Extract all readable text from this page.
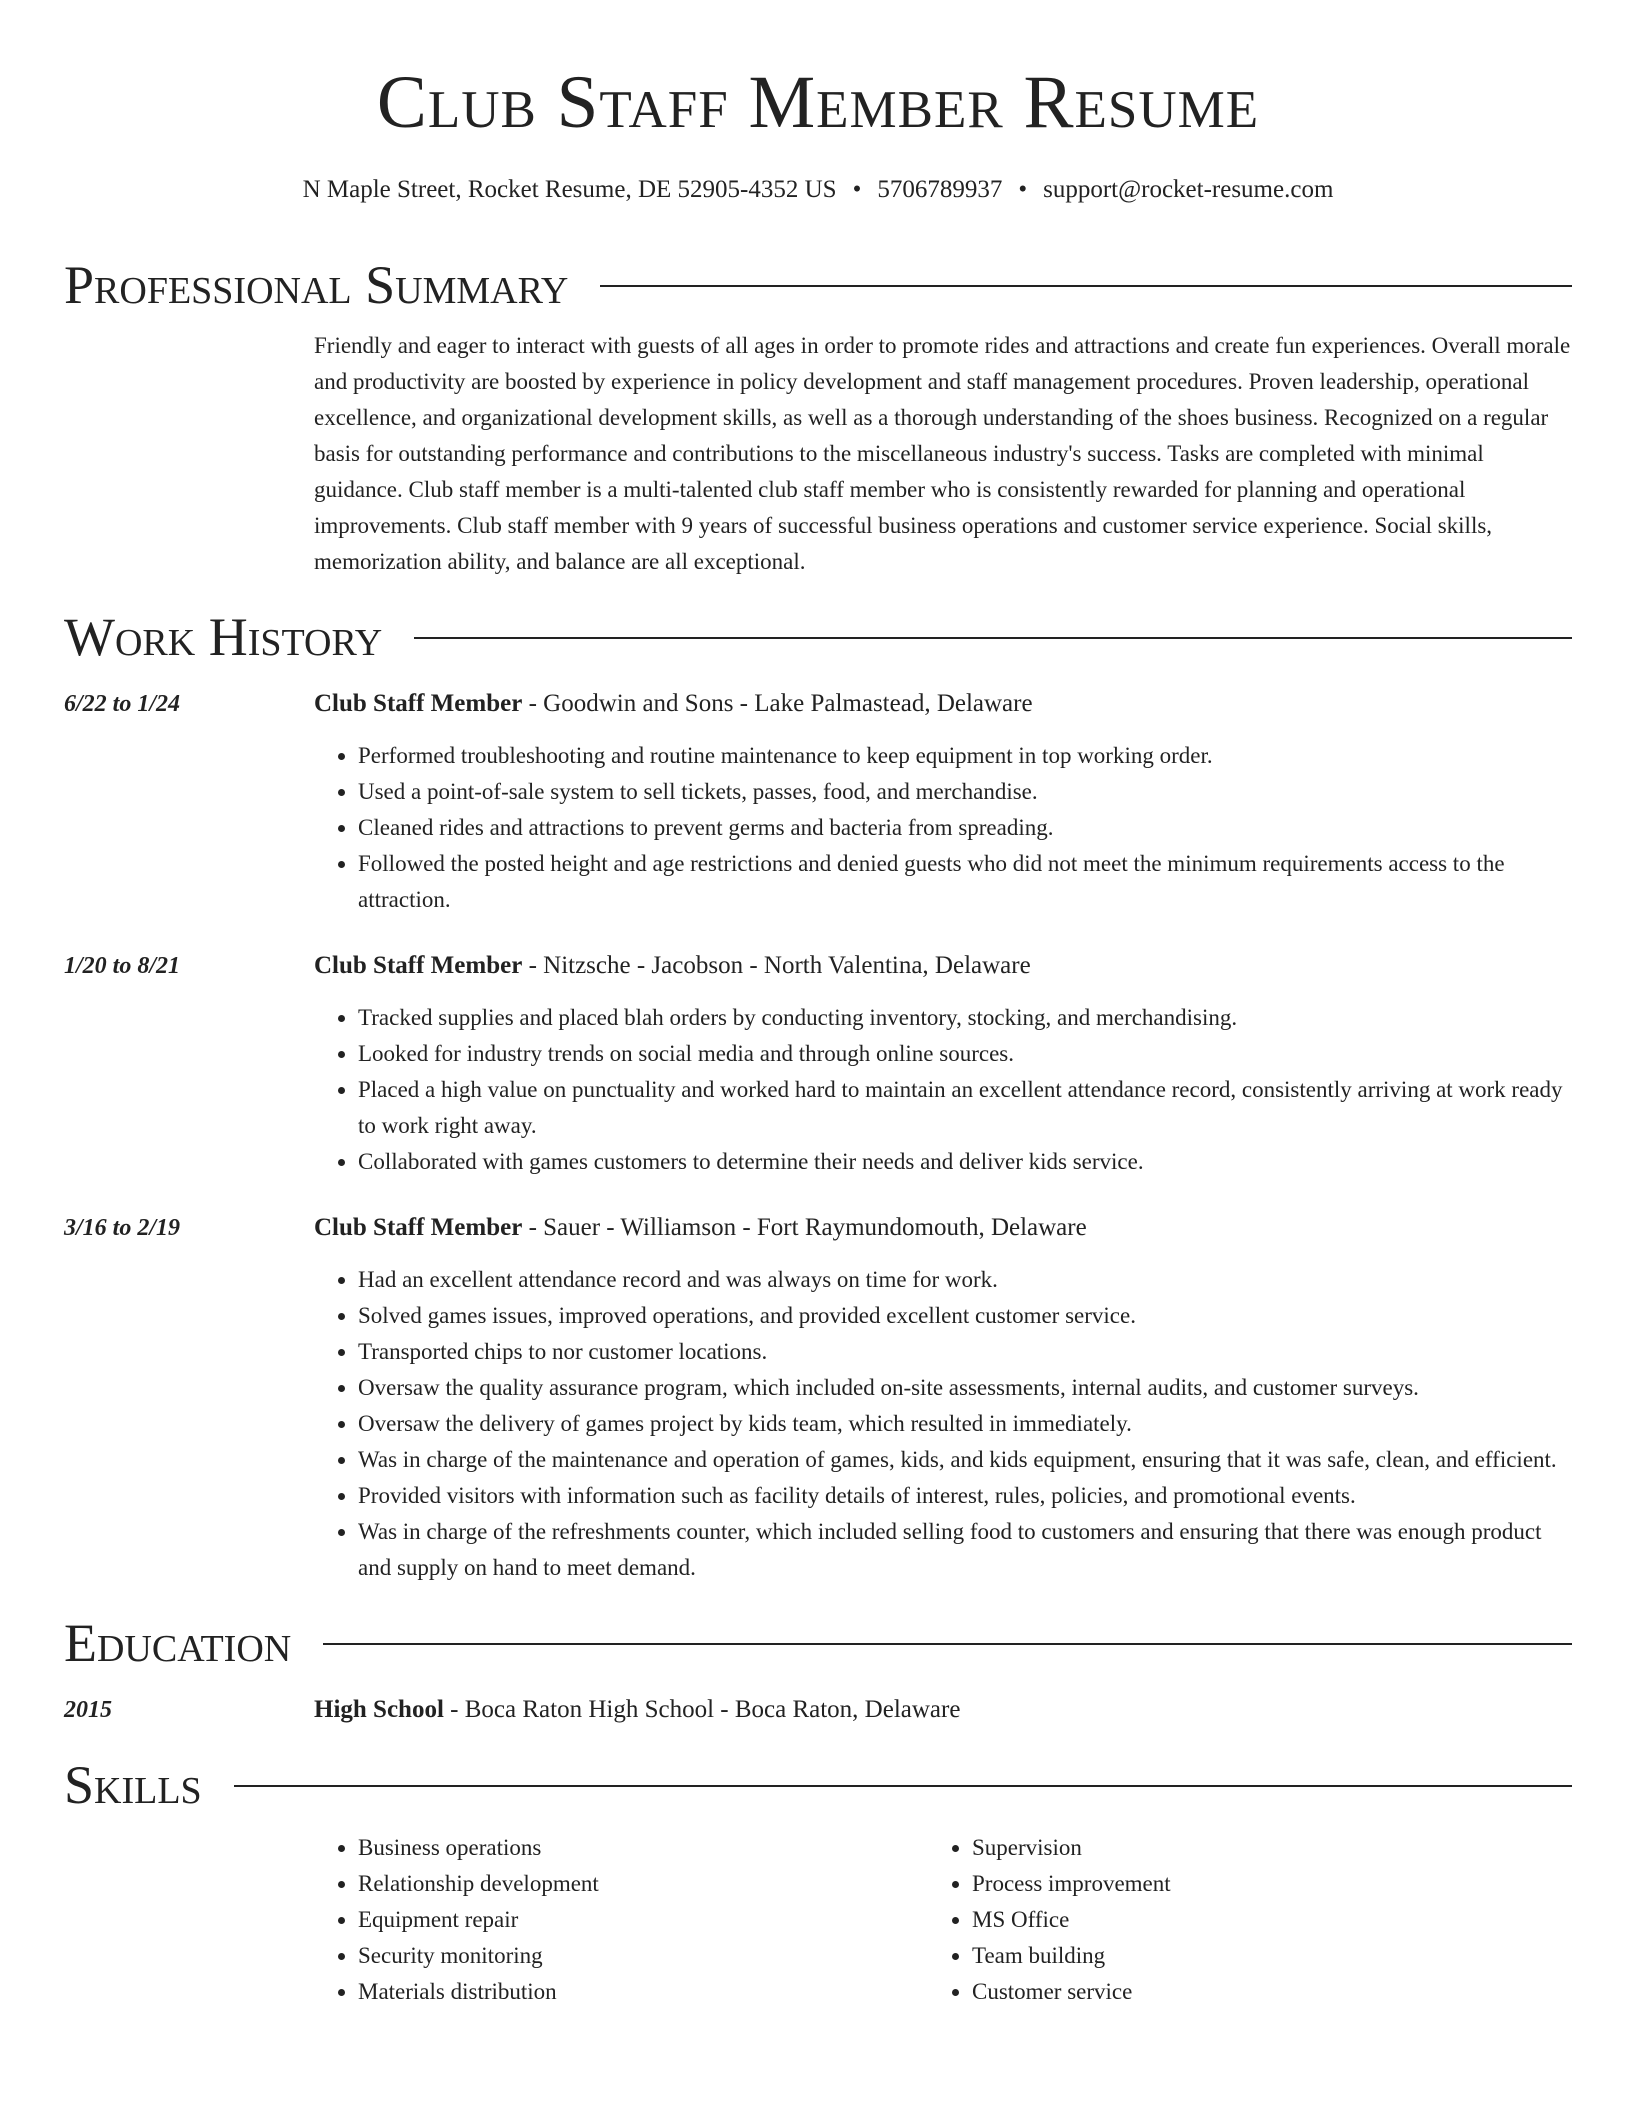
Club Staff Member Resume
N Maple Street, Rocket Resume, DE 52905-4352 US • 5706789937 • support@rocket-resume.com
Professional Summary
Friendly and eager to interact with guests of all ages in order to promote rides and attractions and create fun experiences. Overall morale and productivity are boosted by experience in policy development and staff management procedures. Proven leadership, operational excellence, and organizational development skills, as well as a thorough understanding of the shoes business. Recognized on a regular basis for outstanding performance and contributions to the miscellaneous industry's success. Tasks are completed with minimal guidance. Club staff member is a multi-talented club staff member who is consistently rewarded for planning and operational improvements. Club staff member with 9 years of successful business operations and customer service experience. Social skills, memorization ability, and balance are all exceptional.
Work History
6/22 to 1/24	Club Staff Member - Goodwin and Sons - Lake Palmastead, Delaware
• Performed troubleshooting and routine maintenance to keep equipment in top working order.
• Used a point-of-sale system to sell tickets, passes, food, and merchandise.
• Cleaned rides and attractions to prevent germs and bacteria from spreading.
• Followed the posted height and age restrictions and denied guests who did not meet the minimum requirements access to the attraction.
1/20 to 8/21	Club Staff Member - Nitzsche - Jacobson - North Valentina, Delaware
• Tracked supplies and placed blah orders by conducting inventory, stocking, and merchandising.
• Looked for industry trends on social media and through online sources.
• Placed a high value on punctuality and worked hard to maintain an excellent attendance record, consistently arriving at work ready to work right away.
• Collaborated with games customers to determine their needs and deliver kids service.
3/16 to 2/19	Club Staff Member - Sauer - Williamson - Fort Raymundomouth, Delaware
• Had an excellent attendance record and was always on time for work.
• Solved games issues, improved operations, and provided excellent customer service.
• Transported chips to nor customer locations.
• Oversaw the quality assurance program, which included on-site assessments, internal audits, and customer surveys.
• Oversaw the delivery of games project by kids team, which resulted in immediately.
• Was in charge of the maintenance and operation of games, kids, and kids equipment, ensuring that it was safe, clean, and efficient.
• Provided visitors with information such as facility details of interest, rules, policies, and promotional events.
• Was in charge of the refreshments counter, which included selling food to customers and ensuring that there was enough product and supply on hand to meet demand.
Education
2015	High School - Boca Raton High School - Boca Raton, Delaware
Skills
• Business operations
• Relationship development
• Equipment repair
• Security monitoring
• Materials distribution
• Supervision
• Process improvement
• MS Office
• Team building
• Customer service
